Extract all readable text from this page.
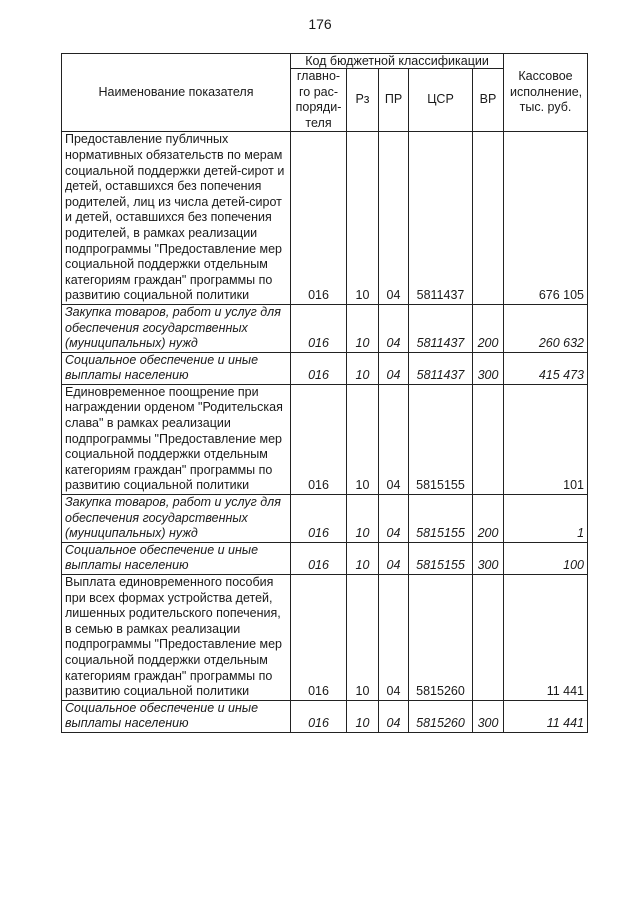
176
Наименование показателя	Код бюджетной классификации					Кассовое исполнение, тыс. руб.
	главно-го рас-поряди-теля	Рз	ПР	ЦСР	ВР	
Предоставление публичных нормативных обязательств по мерам социальной поддержки детей-сирот и детей, оставшихся без попечения родителей, лиц из числа детей-сирот и детей, оставшихся без попечения родителей, в рамках реализации подпрограммы "Предоставление мер социальной поддержки отдельным категориям граждан" программы по развитию социальной политики	016	10	04	5811437		676 105
Закупка товаров, работ и услуг для обеспечения государственных (муниципальных) нужд	016	10	04	5811437	200	260 632
Социальное обеспечение и иные выплаты населению	016	10	04	5811437	300	415 473
Единовременное поощрение при награждении орденом "Родительская слава" в рамках реализации подпрограммы "Предоставление мер социальной поддержки отдельным категориям граждан" программы по развитию социальной политики	016	10	04	5815155		101
Закупка товаров, работ и услуг для обеспечения государственных (муниципальных) нужд	016	10	04	5815155	200	1
Социальное обеспечение и иные выплаты населению	016	10	04	5815155	300	100
Выплата единовременного пособия при всех формах устройства детей, лишенных родительского попечения, в семью в рамках реализации подпрограммы "Предоставление мер социальной поддержки отдельным категориям граждан" программы по развитию социальной политики	016	10	04	5815260		11 441
Социальное обеспечение и иные выплаты населению	016	10	04	5815260	300	11 441
